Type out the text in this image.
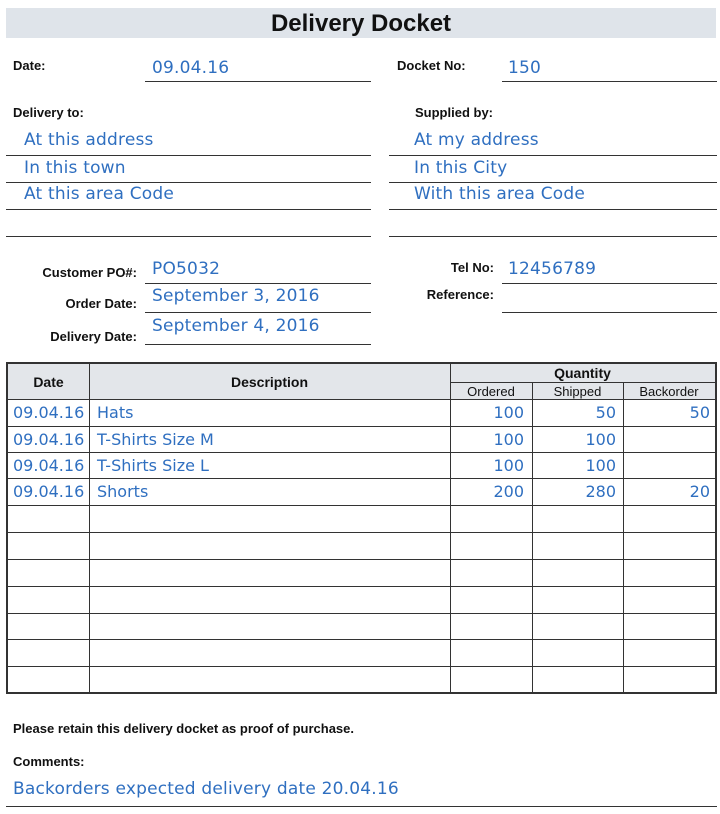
Delivery Docket
Date:	09.04.16	Docket No: 150
Delivery to:
At this address
In this town
At this area Code
Supplied by:
At my address
In this City
With this area Code
Customer PO#: PO5032
Order Date: September 3, 2016
Delivery Date:
September 4, 2016
Tel No: 12456789
Reference:
Date	Description
Quantity
Ordered	Shipped	Backorder
09.04.16 Hats	100	50	50
09.04.16 T-Shirts Size M	100	100
09.04.16 T-Shirts Size L	100	100
09.04.16 Shorts	200	280	20
Please retain this delivery docket as proof of purchase.
Comments:
Backorders expected delivery date 20.04.16
